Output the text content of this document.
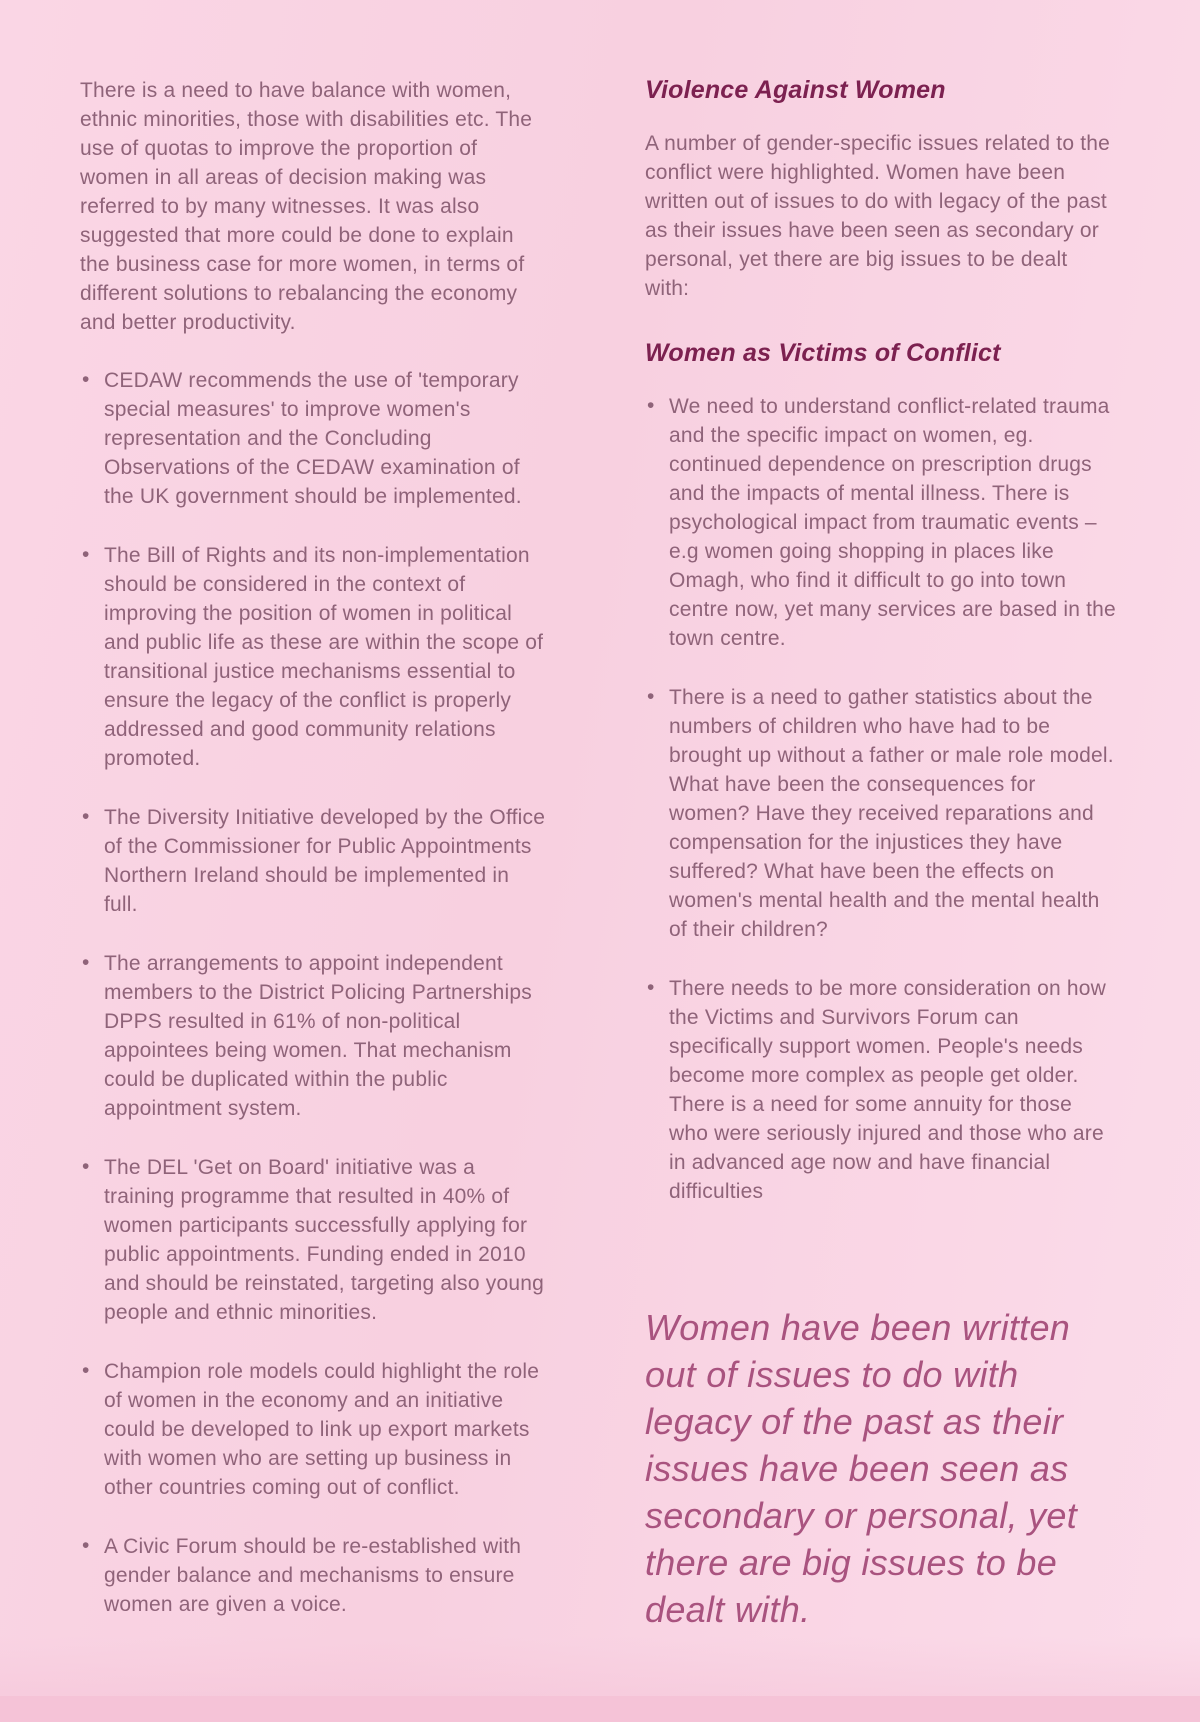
There is a need to have balance with women, ethnic minorities, those with disabilities etc. The use of quotas to improve the proportion of women in all areas of decision making was referred to by many witnesses. It was also suggested that more could be done to explain the business case for more women, in terms of different solutions to rebalancing the economy and better productivity.

• CEDAW recommends the use of 'temporary special measures' to improve women's representation and the Concluding Observations of the CEDAW examination of the UK government should be implemented.
• The Bill of Rights and its non-implementation should be considered in the context of improving the position of women in political and public life as these are within the scope of transitional justice mechanisms essential to ensure the legacy of the conflict is properly addressed and good community relations promoted.
• The Diversity Initiative developed by the Office of the Commissioner for Public Appointments Northern Ireland should be implemented in full.
• The arrangements to appoint independent members to the District Policing Partnerships DPPS resulted in 61% of non-political appointees being women. That mechanism could be duplicated within the public appointment system.
• The DEL 'Get on Board' initiative was a training programme that resulted in 40% of women participants successfully applying for public appointments. Funding ended in 2010 and should be reinstated, targeting also young people and ethnic minorities.
• Champion role models could highlight the role of women in the economy and an initiative could be developed to link up export markets with women who are setting up business in other countries coming out of conflict.
• A Civic Forum should be re-established with gender balance and mechanisms to ensure women are given a voice.
Violence Against Women

A number of gender-specific issues related to the conflict were highlighted. Women have been written out of issues to do with legacy of the past as their issues have been seen as secondary or personal, yet there are big issues to be dealt with:

Women as Victims of Conflict
• We need to understand conflict-related trauma and the specific impact on women, eg. continued dependence on prescription drugs and the impacts of mental illness. There is psychological impact from traumatic events – e.g women going shopping in places like Omagh, who find it difficult to go into town centre now, yet many services are based in the town centre.
• There is a need to gather statistics about the numbers of children who have had to be brought up without a father or male role model. What have been the consequences for women? Have they received reparations and compensation for the injustices they have suffered? What have been the effects on women's mental health and the mental health of their children?
• There needs to be more consideration on how the Victims and Survivors Forum can specifically support women. People's needs become more complex as people get older. There is a need for some annuity for those who were seriously injured and those who are in advanced age now and have financial difficulties
Women have been written out of issues to do with legacy of the past as their issues have been seen as secondary or personal, yet there are big issues to be dealt with.
